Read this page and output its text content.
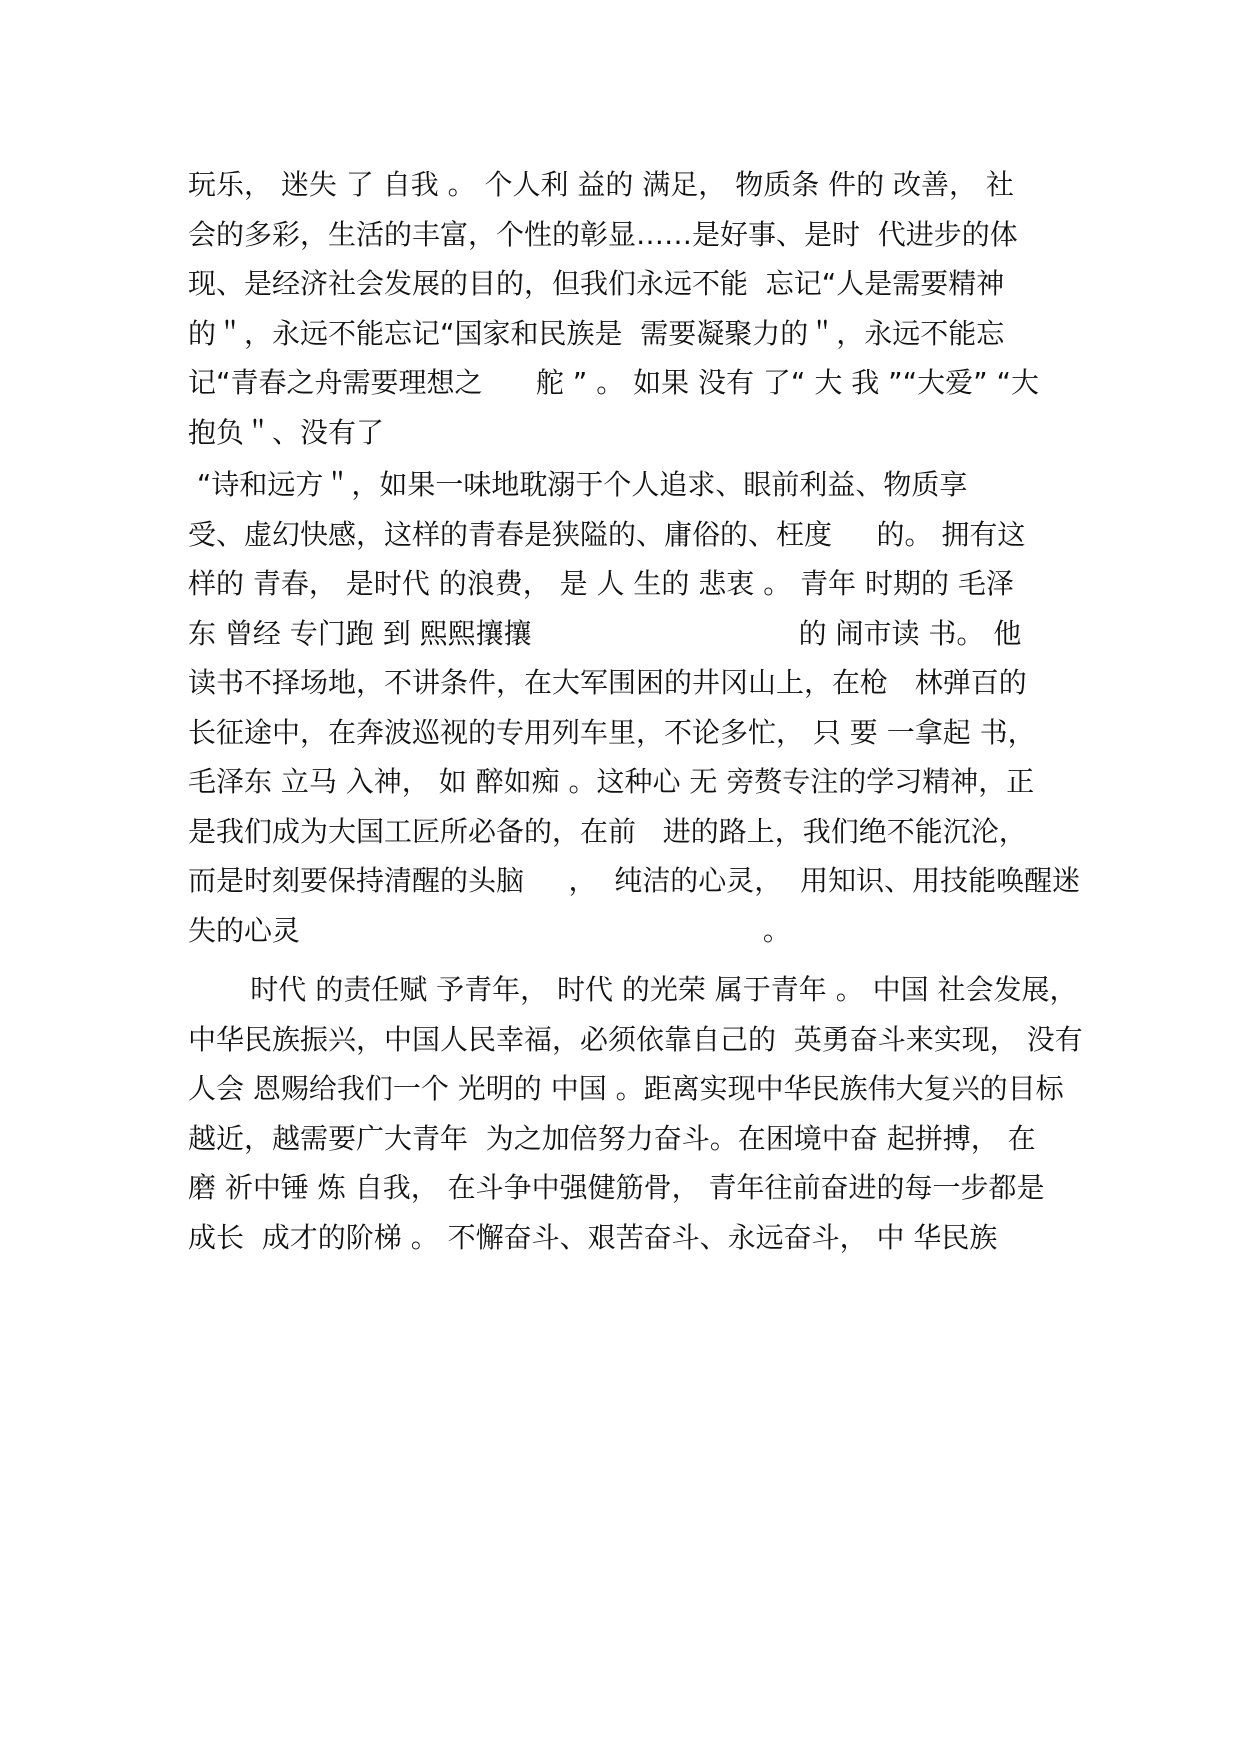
玩乐， 迷失 了 自我 。 个人利 益的 满足， 物质条 件的 改善， 社
会的多彩，生活的丰富，个性的彰显……是好事、是时  代进步的体
现、是经济社会发展的目的，但我们永远不能  忘记“人是需要精神
的＂，永远不能忘记“国家和民族是  需要凝聚力的＂，永远不能忘
记“青春之舟需要理想之      舵 ” 。 如果 没有 了“ 大 我 ”“大爱” “大
抱负＂、没有了
“诗和远方＂，如果一味地耽溺于个人追求、眼前利益、物质享
受、虚幻快感，这样的青春是狭隘的、庸俗的、枉度     的。 拥有这
样的 青春， 是时代 的浪费， 是 人 生的 悲衷 。 青年 时期的 毛泽
东 曾经 专门跑 到 熙熙攘攘                              的 闹市读 书。 他
读书不择场地，不讲条件，在大军围困的井冈山上，在枪   林弹百的
长征途中，在奔波巡视的专用列车里，不论多忙， 只 要 一拿起 书，
毛泽东 立马 入神， 如 醉如痴 。这种心 无 旁赘专注的学习精神，正
是我们成为大国工匠所必备的，在前   进的路上，我们绝不能沉沦，
而是时刻要保持清醒的头脑     ，  纯洁的心灵，  用知识、用技能唤醒迷
失的心灵                                                    。
时代 的责任赋 予青年， 时代 的光荣 属于青年 。 中国 社会发展，
中华民族振兴，中国人民幸福，必须依靠自己的  英勇奋斗来实现， 没有
人会 恩赐给我们一个 光明的 中国 。距离实现中华民族伟大复兴的目标
越近，越需要广大青年  为之加倍努力奋斗。在困境中奋 起拼搏， 在
磨 祈中锤 炼 自我， 在斗争中强健筋骨， 青年往前奋进的每一步都是
成长  成才的阶梯 。 不懈奋斗、艰苦奋斗、永远奋斗， 中 华民族
